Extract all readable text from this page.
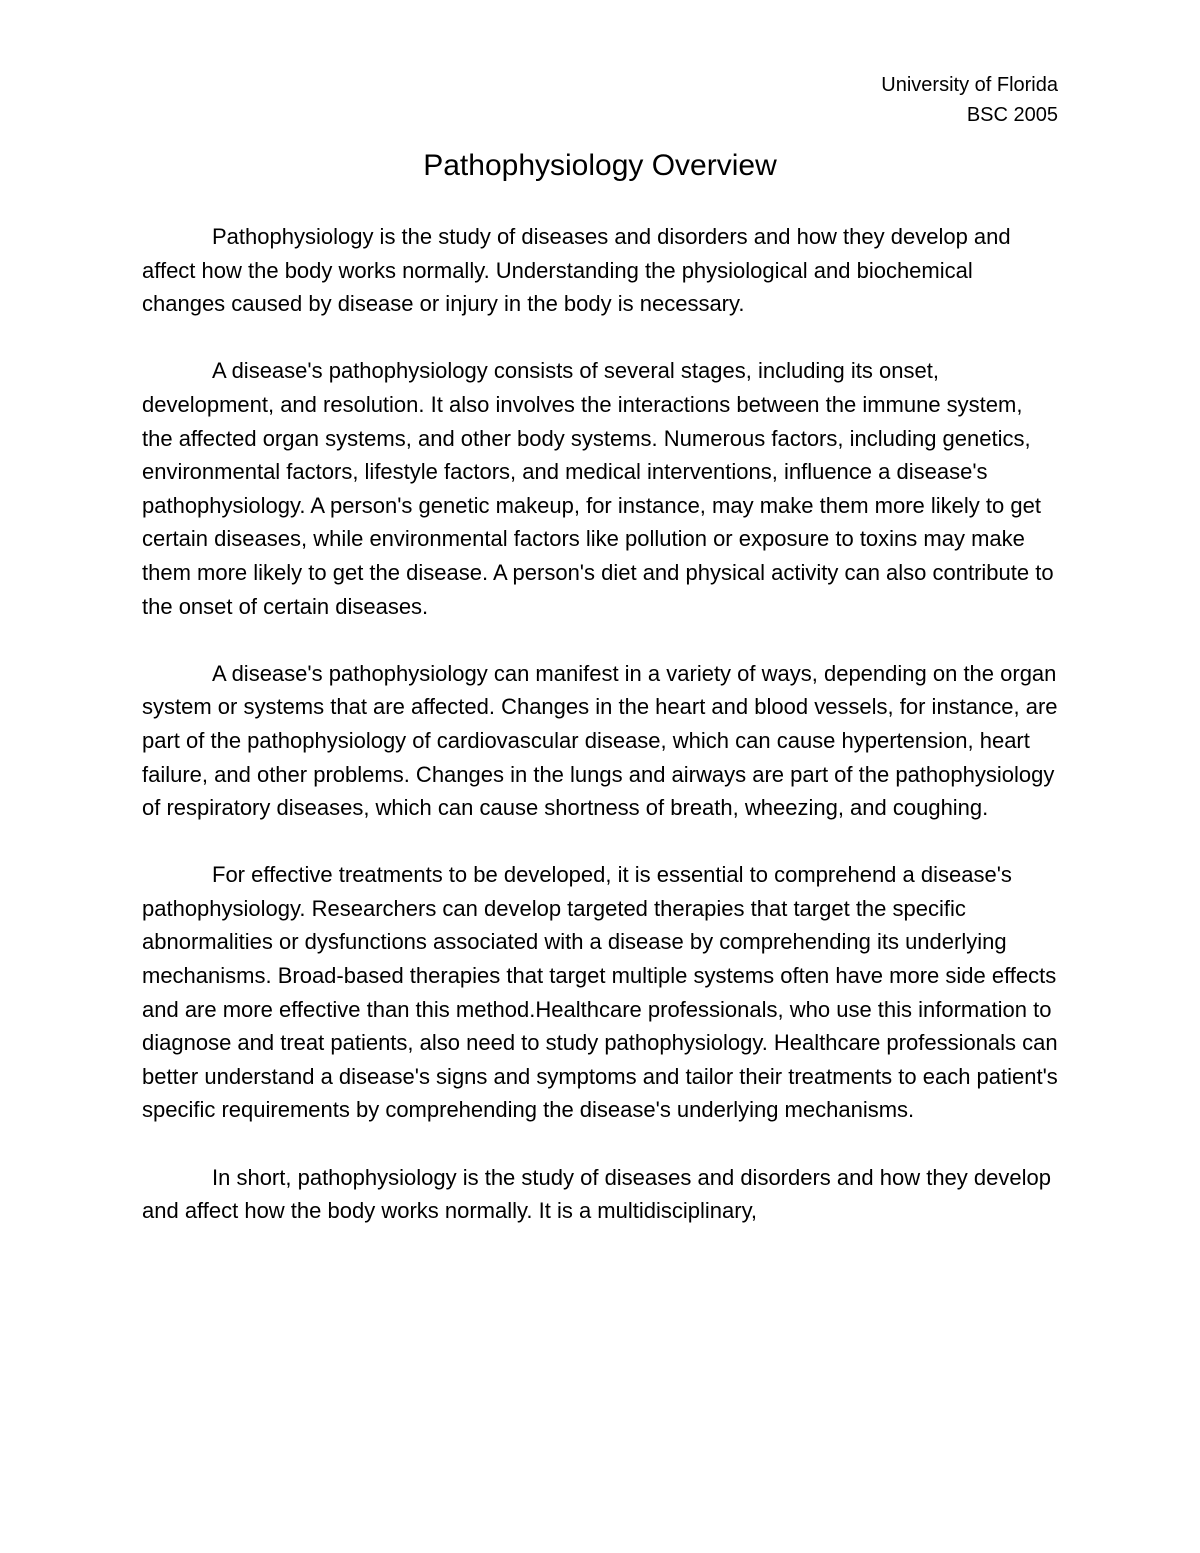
University of Florida
BSC 2005
Pathophysiology Overview

Pathophysiology is the study of diseases and disorders and how they develop and affect how the body works normally. Understanding the physiological and biochemical changes caused by disease or injury in the body is necessary.

A disease's pathophysiology consists of several stages, including its onset, development, and resolution. It also involves the interactions between the immune system, the affected organ systems, and other body systems. Numerous factors, including genetics, environmental factors, lifestyle factors, and medical interventions, influence a disease's pathophysiology. A person's genetic makeup, for instance, may make them more likely to get certain diseases, while environmental factors like pollution or exposure to toxins may make them more likely to get the disease. A person's diet and physical activity can also contribute to the onset of certain diseases.

A disease's pathophysiology can manifest in a variety of ways, depending on the organ system or systems that are affected. Changes in the heart and blood vessels, for instance, are part of the pathophysiology of cardiovascular disease, which can cause hypertension, heart failure, and other problems. Changes in the lungs and airways are part of the pathophysiology of respiratory diseases, which can cause shortness of breath, wheezing, and coughing.

For effective treatments to be developed, it is essential to comprehend a disease's pathophysiology. Researchers can develop targeted therapies that target the specific abnormalities or dysfunctions associated with a disease by comprehending its underlying mechanisms. Broad-based therapies that target multiple systems often have more side effects and are more effective than this method.Healthcare professionals, who use this information to diagnose and treat patients, also need to study pathophysiology. Healthcare professionals can better understand a disease's signs and symptoms and tailor their treatments to each patient's specific requirements by comprehending the disease's underlying mechanisms.

In short, pathophysiology is the study of diseases and disorders and how they develop and affect how the body works normally. It is a multidisciplinary,
